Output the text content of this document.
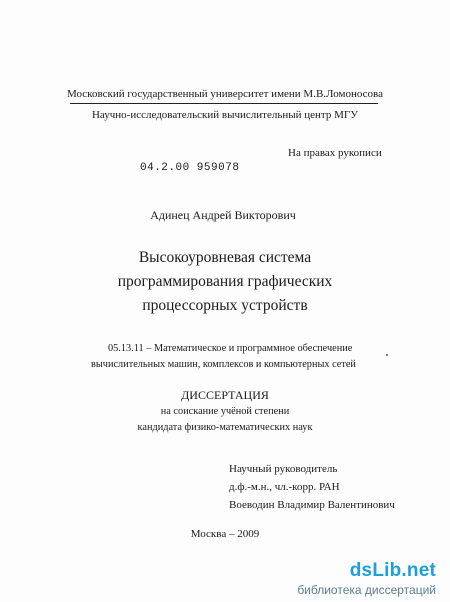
Московский государственный университет имени М.В.Ломоносова
Научно-исследовательский вычислительный центр МГУ
На правах рукописи
04.2.00 959078
Адинец Андрей Викторович
Высокоуровневая система
программирования графических
процессорных устройств
05.13.11 – Математическое и программное обеспечение
вычислительных машин, комплексов и компьютерных сетей
ДИССЕРТАЦИЯ
на соискание учёной степени
кандидата физико-математических наук
Научный руководитель
д.ф.-м.н., чл.-корр. РАН
Воеводин Владимир Валентинович
Москва – 2009
dsLib.net
библиотека диссертаций
